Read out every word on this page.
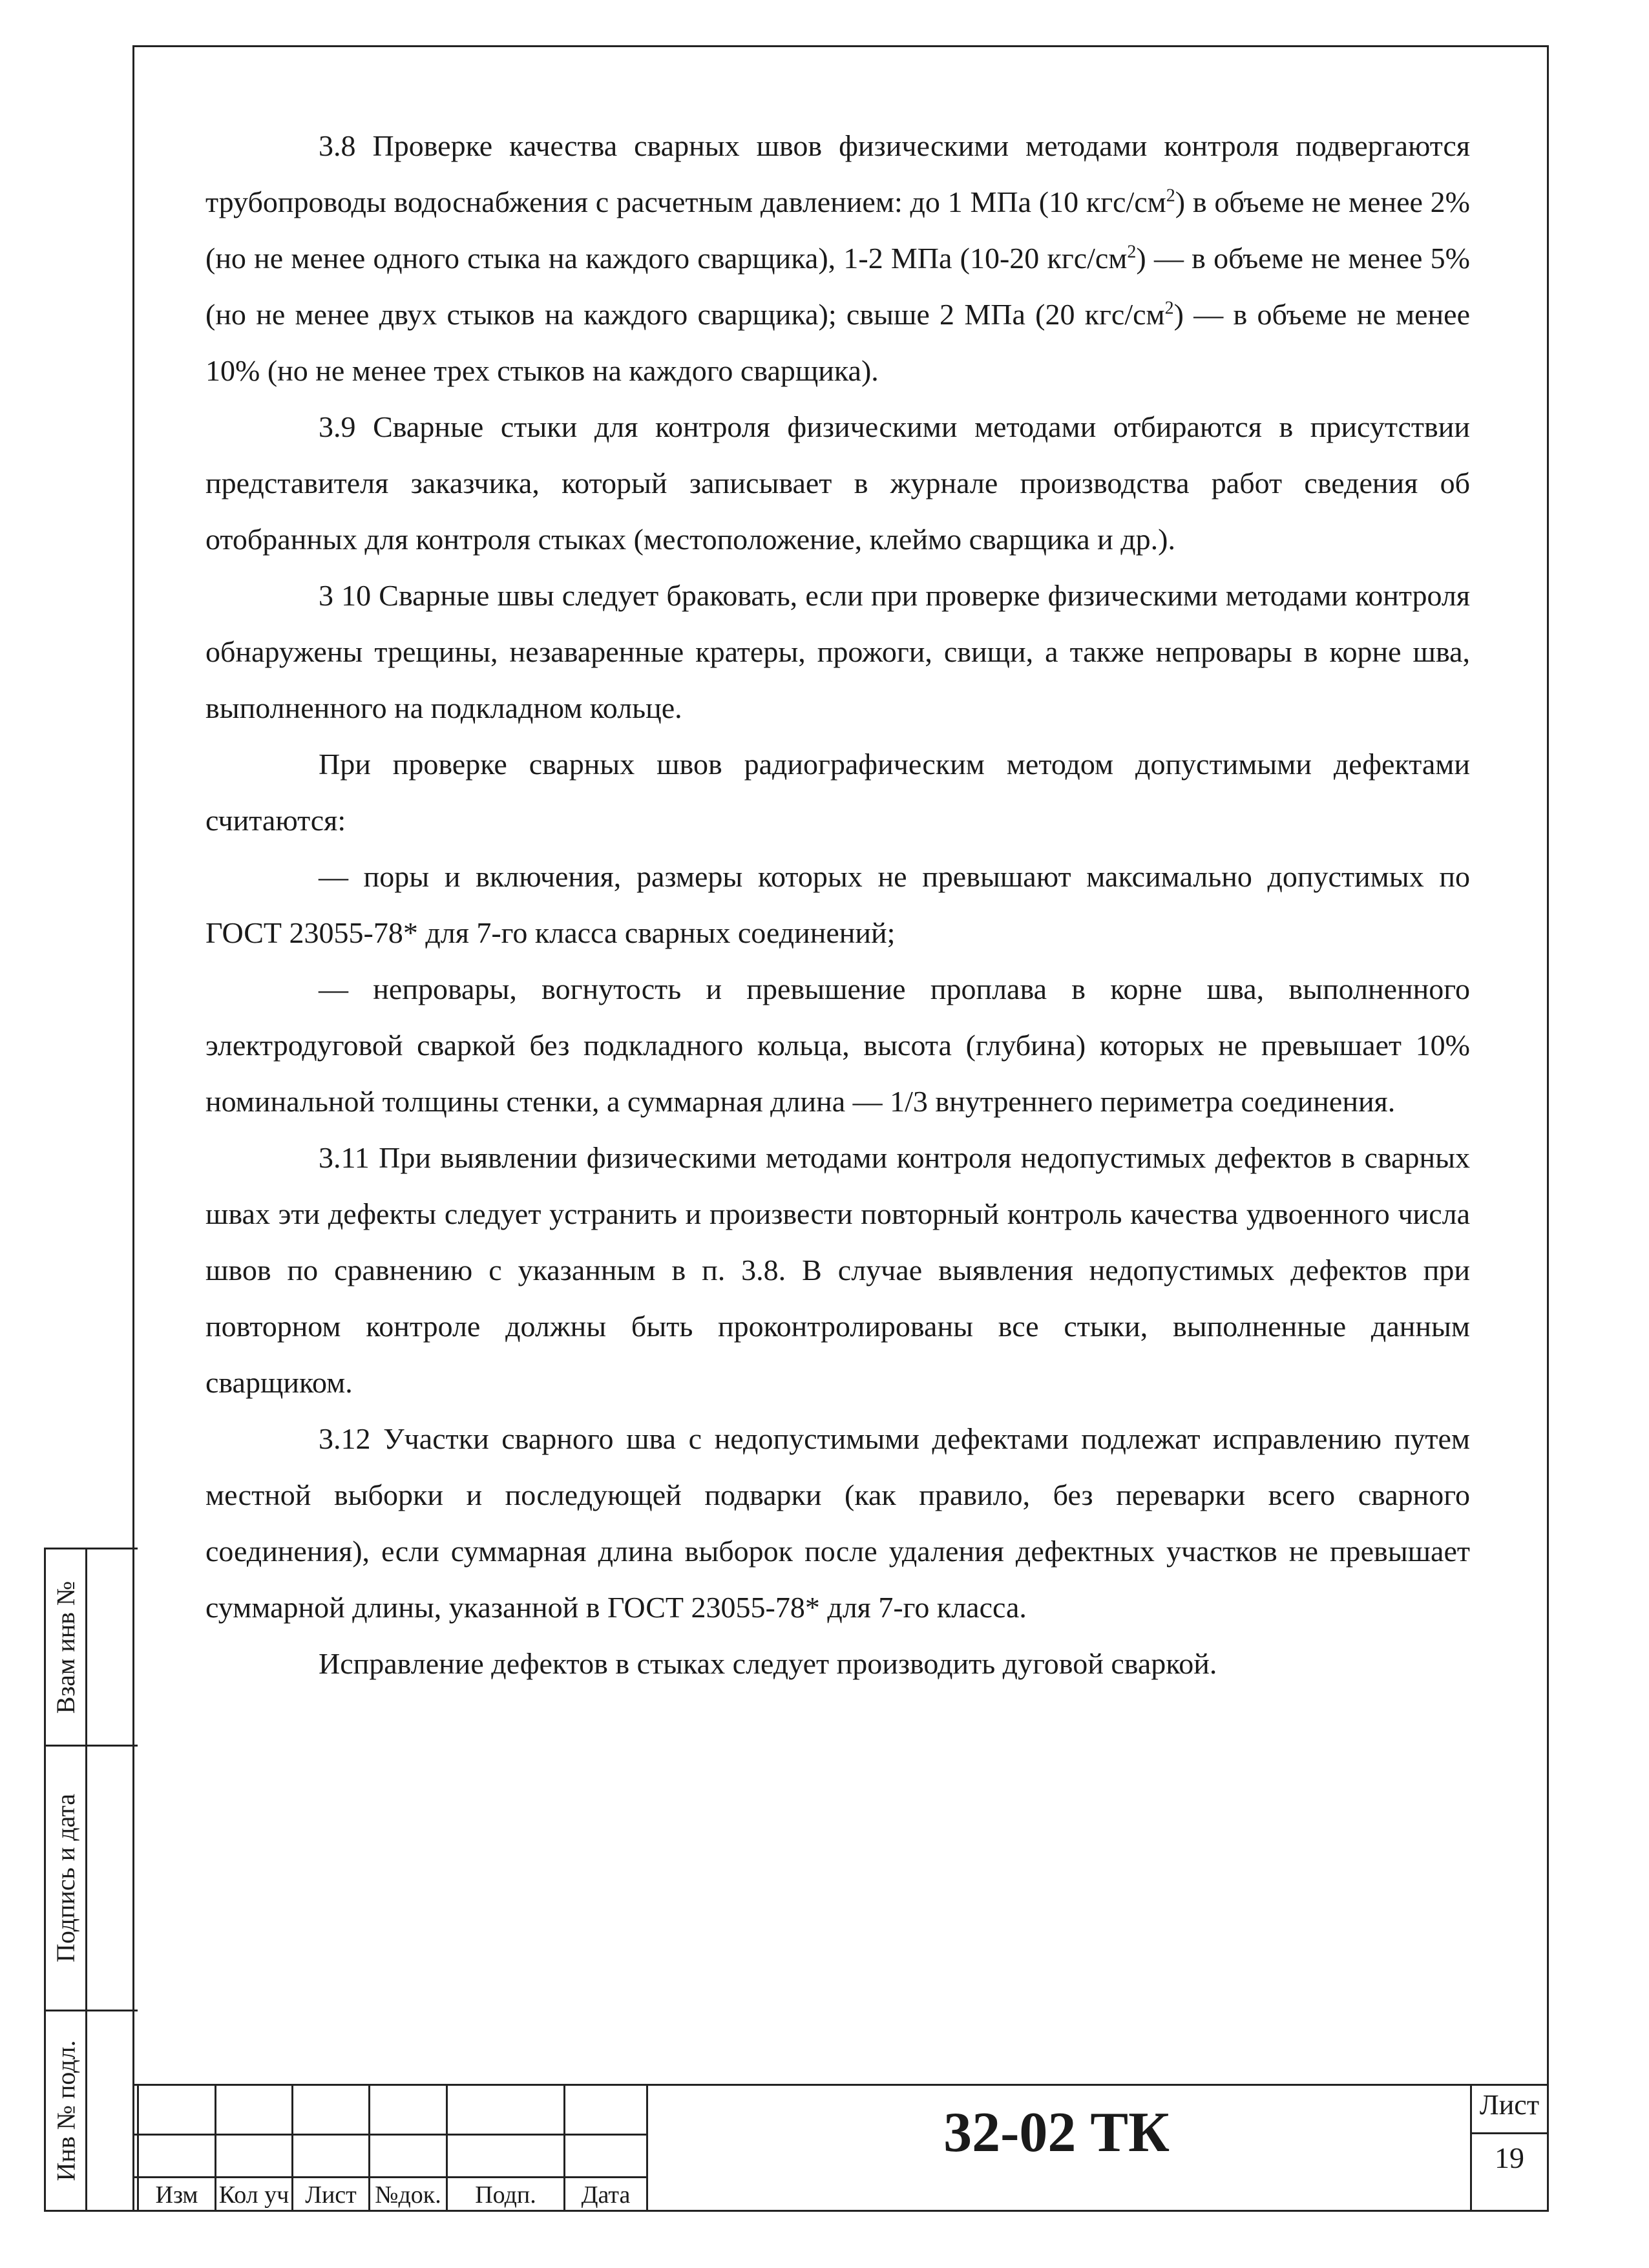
3.8 Проверке качества сварных швов физическими методами контроля подвергаются трубопроводы водоснабжения с расчетным давлением: до 1 МПа (10 кгс/$см^2$) в объеме не менее 2% (но не менее одного стыка на каждого сварщика), 1-2 МПа (10-20 кгс/$см^2$) — в объеме не менее 5% (но не менее двух стыков на каждого сварщика); свыше 2 МПа (20 кгс/$см^2$) — в объеме не менее 10% (но не менее трех стыков на каждого сварщика).

3.9 Сварные стыки для контроля физическими методами отбираются в присутствии представителя заказчика, который записывает в журнале производства работ сведения об отобранных для контроля стыках (местоположение, клеймо сварщика и др.).

3 10 Сварные швы следует браковать, если при проверке физическими методами контроля обнаружены трещины, незаваренные кратеры, прожоги, свищи, а также непровары в корне шва, выполненного на подкладном кольце.

При проверке сварных швов радиографическим методом допустимыми дефектами считаются:

— поры и включения, размеры которых не превышают максимально допустимых по ГОСТ 23055-78* для 7-го класса сварных соединений;

— непровары, вогнутость и превышение проплава в корне шва, выполненного электродуговой сваркой без подкладного кольца, высота (глубина) которых не превышает 10% номинальной толщины стенки, а суммарная длина — 1/3 внутреннего периметра соединения.

3.11 При выявлении физическими методами контроля недопустимых дефектов в сварных швах эти дефекты следует устранить и произвести повторный контроль качества удвоенного числа швов по сравнению с указанным в п. 3.8. В случае выявления недопустимых дефектов при повторном контроле должны быть проконтролированы все стыки, выполненные данным сварщиком.

3.12 Участки сварного шва с недопустимыми дефектами подлежат исправлению путем местной выборки и последующей подварки (как правило, без переварки всего сварного соединения), если суммарная длина выборок после удаления дефектных участков не превышает суммарной длины, указанной в ГОСТ 23055-78* для 7-го класса.

Исправление дефектов в стыках следует производить дуговой сваркой.

Взам инв №
Подпись и дата
Инв № подл.
Изм Кол уч Лист №док.	Подп.	Дата
32-02 ТК	Лист
19
